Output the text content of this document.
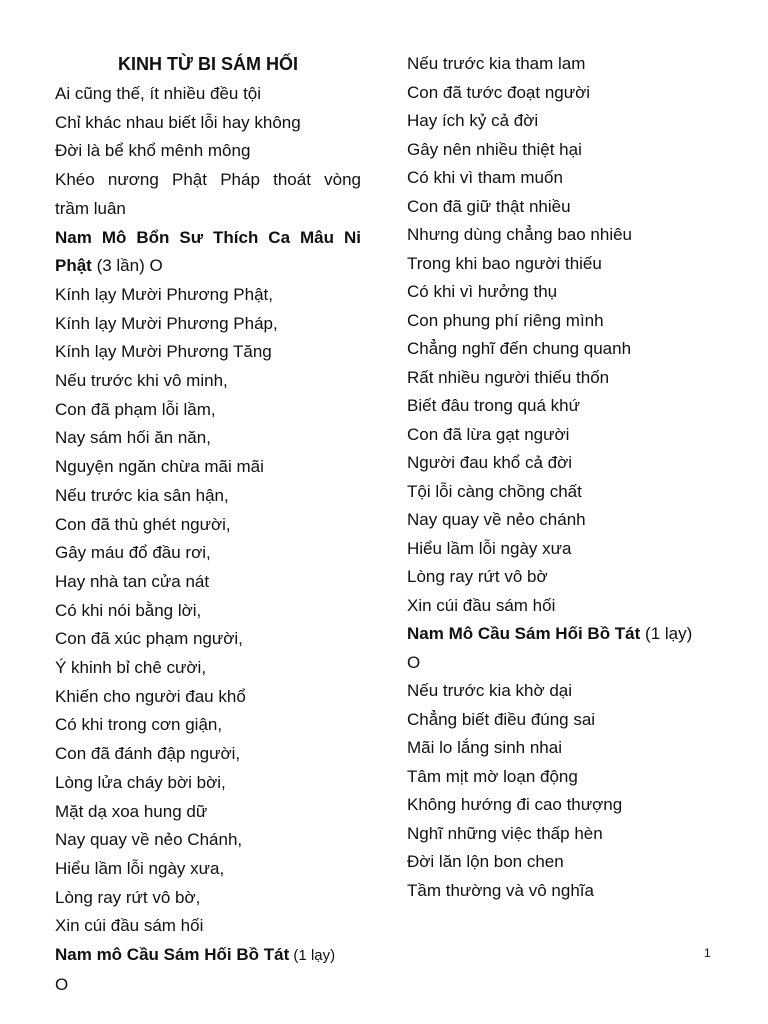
KINH TỪ BI SÁM HỐI
Ai cũng thế, ít nhiều đều tội
Chỉ khác nhau biết lỗi hay không
Đời là bể khổ mênh mông
Khéo nương Phật Pháp thoát vòng
trầm luân
Nam Mô Bổn Sư Thích Ca Mâu Ni
Phật (3 lần) O
Kính lạy Mười Phương Phật,
Kính lạy Mười Phương Pháp,
Kính lạy Mười Phương Tăng
Nếu trước khi vô minh,
Con đã phạm lỗi lầm,
Nay sám hối ăn năn,
Nguyện ngăn chừa mãi mãi
Nếu trước kia sân hận,
Con đã thù ghét người,
Gây máu đổ đầu rơi,
Hay nhà tan cửa nát
Có khi nói bằng lời,
Con đã xúc phạm người,
Ý khinh bỉ chê cười,
Khiến cho người đau khổ
Có khi trong cơn giận,
Con đã đánh đập người,
Lòng lửa cháy bời bời,
Mặt dạ xoa hung dữ
Nay quay về nẻo Chánh,
Hiểu lầm lỗi ngày xưa,
Lòng ray rứt vô bờ,
Xin cúi đầu sám hối
Nam mô Cầu Sám Hối Bồ Tát (1 lạy)
O
Nếu trước kia tham lam
Con đã tước đoạt người
Hay ích kỷ cả đời
Gây nên nhiều thiệt hại
Có khi vì tham muốn
Con đã giữ thật nhiều
Nhưng dùng chẳng bao nhiêu
Trong khi bao người thiếu
Có khi vì hưởng thụ
Con phung phí riêng mình
Chẳng nghĩ đến chung quanh
Rất nhiều người thiếu thốn
Biết đâu trong quá khứ
Con đã lừa gạt người
Người đau khổ cả đời
Tội lỗi càng chồng chất
Nay quay về nẻo chánh
Hiểu lầm lỗi ngày xưa
Lòng ray rứt vô bờ
Xin cúi đầu sám hối
Nam Mô Cầu Sám Hối Bồ Tát (1 lạy)
O
Nếu trước kia khờ dại
Chẳng biết điều đúng sai
Mãi lo lắng sinh nhai
Tâm mịt mờ loạn động
Không hướng đi cao thượng
Nghĩ những việc thấp hèn
Đời lăn lộn bon chen
Tầm thường và vô nghĩa
1
